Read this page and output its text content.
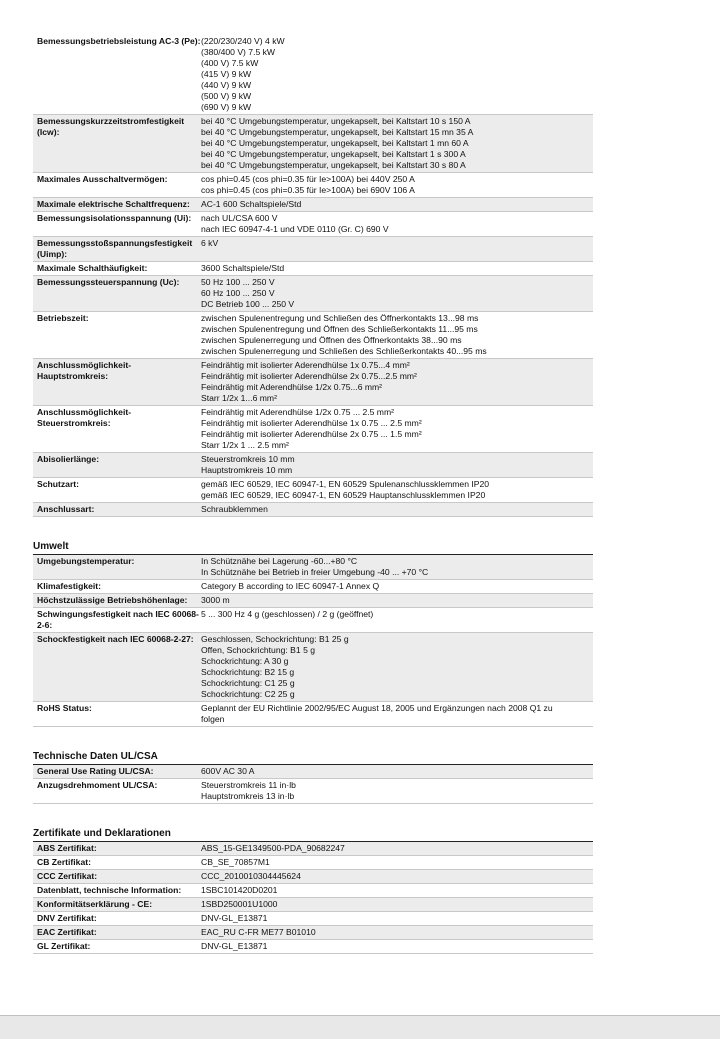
Bemessungsbetriebsleistung AC-3 (Pe): (220/230/240 V) 4 kW
(380/400 V) 7.5 kW
(400 V) 7.5 kW
(415 V) 9 kW
(440 V) 9 kW
(500 V) 9 kW
(690 V) 9 kW
Bemessungskurzzeitstromfestigkeit (Icw):
bei 40 °C Umgebungstemperatur, ungekapselt, bei Kaltstart 10 s 150 A
bei 40 °C Umgebungstemperatur, ungekapselt, bei Kaltstart 15 mn 35 A
bei 40 °C Umgebungstemperatur, ungekapselt, bei Kaltstart 1 mn 60 A
bei 40 °C Umgebungstemperatur, ungekapselt, bei Kaltstart 1 s 300 A
bei 40 °C Umgebungstemperatur, ungekapselt, bei Kaltstart 30 s 80 A
Maximales Ausschaltvermögen:	cos phi=0.45 (cos phi=0.35 für Ie>100A) bei 440V 250 A
cos phi=0.45 (cos phi=0.35 für Ie>100A) bei 690V 106 A
Maximale elektrische Schaltfrequenz:	AC-1 600 Schaltspiele/Std
Bemessungsisolationsspannung (Ui):	nach UL/CSA 600 V
nach IEC 60947-4-1 und VDE 0110 (Gr. C) 690 V
Bemessungsstoßspannungsfestigkeit (Uimp):
6 kV
Maximale Schalthäufigkeit:	3600 Schaltspiele/Std
Bemessungssteuerspannung (Uc):	50 Hz 100 ... 250 V
60 Hz 100 ... 250 V
DC Betrieb 100 ... 250 V
Betriebszeit:	zwischen Spulenentregung und Schließen des Öffnerkontakts 13...98 ms
zwischen Spulenentregung und Öffnen des Schließerkontakts 11...95 ms
zwischen Spulenerregung und Öffnen des Öffnerkontakts 38...90 ms
zwischen Spulenerregung und Schließen des Schließerkontakts 40...95 ms
Anschlussmöglichkeit-Hauptstromkreis:
Feindrähtig mit isolierter Aderendhülse 1x 0.75...4 mm²
Feindrähtig mit isolierter Aderendhülse 2x 0.75...2.5 mm²
Feindrähtig mit Aderendhülse 1/2x 0.75...6 mm²
Starr 1/2x 1...6 mm²
Anschlussmöglichkeit-Steuerstromkreis:
Feindrähtig mit Aderendhülse 1/2x 0.75 ... 2.5 mm²
Feindrähtig mit isolierter Aderendhülse 1x 0.75 ... 2.5 mm²
Feindrähtig mit isolierter Aderendhülse 2x 0.75 ... 1.5 mm²
Starr 1/2x 1 ... 2.5 mm²
Abisolierlänge:	Steuerstromkreis 10 mm
Hauptstromkreis 10 mm
Schutzart:	gemäß IEC 60529, IEC 60947-1, EN 60529 Spulenanschlussklemmen IP20
gemäß IEC 60529, IEC 60947-1, EN 60529 Hauptanschlussklemmen IP20
Anschlussart:	Schraubklemmen
Umwelt
Umgebungstemperatur:	In Schütznähe bei Lagerung -60...+80 °C
In Schütznähe bei Betrieb in freier Umgebung -40 ... +70 °C
Klimafestigkeit:	Category B according to IEC 60947-1 Annex Q
Höchstzulässige Betriebshöhenlage:	3000 m
Schwingungsfestigkeit nach IEC 60068-2-6:
5 ... 300 Hz 4 g (geschlossen) / 2 g (geöffnet)
Schockfestigkeit nach IEC 60068-2-27: Geschlossen, Schockrichtung: B1 25 g
Offen, Schockrichtung: B1 5 g
Schockrichtung: A 30 g
Schockrichtung: B2 15 g
Schockrichtung: C1 25 g
Schockrichtung: C2 25 g
RoHS Status:	Geplannt der EU Richtlinie 2002/95/EC August 18, 2005 und Ergänzungen nach 2008 Q1 zu
folgen
Technische Daten UL/CSA
General Use Rating UL/CSA:	600V AC 30 A
Anzugsdrehmoment UL/CSA:	Steuerstromkreis 11 in·lb
Hauptstromkreis 13 in·lb
Zertifikate und Deklarationen
ABS Zertifikat:	ABS_15-GE1349500-PDA_90682247
CB Zertifikat:	CB_SE_70857M1
CCC Zertifikat:	CCC_2010010304445624
Datenblatt, technische Information:	1SBC101420D0201
Konformitätserklärung - CE:	1SBD250001U1000
DNV Zertifikat:	DNV-GL_E13871
EAC Zertifikat:	EAC_RU C-FR ME77 B01010
GL Zertifikat:	DNV-GL_E13871
